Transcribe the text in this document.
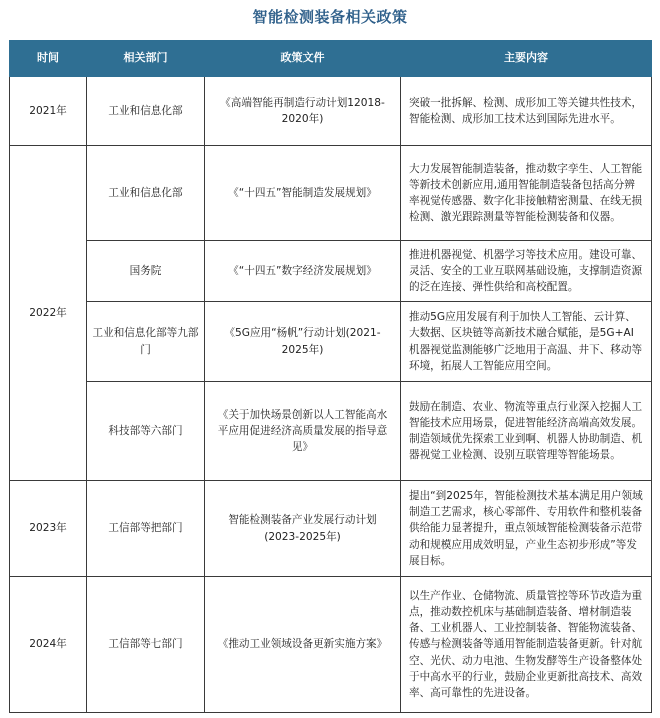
智能检测装备相关政策
时间	相关部门	政策文件	主要内容
2021年	工业和信息化部	《高端智能再制造行动计划12018-2020年)	突破一批拆解、检测、成形加工等关键共性技术，智能检测、成形加工技术达到国际先进水平。
2022年	工业和信息化部	《“十四五”智能制造发展规划》	大力发展智能制造装备，推动数字孪生、人工智能等新技术创新应用,通用智能制造装备包括高分辨率视觉传感器、数字化非接触精密测量、在线无损检测、激光跟踪测量等智能检测装备和仪器。
	国务院	《“十四五”数字经济发展规划》	推进机器视觉、机器学习等技术应用。建设可靠、灵活、安全的工业互联网基础设施，支撑制造资源的泛在连接、弹性供给和高校配置。
	工业和信息化部等九部门	《5G应用“杨帆”行动计划(2021-2025年)	推动5G应用发展有利于加快人工智能、云计算、大数据、区块链等高新技术融合赋能，是5G+AI机器视觉监测能够广泛地用于高温、井下、移动等环境，拓展人工智能应用空间。
	科技部等六部门	《关于加快场景创新以人工智能高水平应用促进经济高质量发展的指导意见》	鼓励在制造、农业、物流等重点行业深入挖掘人工智能技术应用场景，促进智能经济高端高效发展。制造领域优先探索工业到啊、机器人协助制造、机器视觉工业检测、设别互联管理等智能场景。
2023年	工信部等把部门	智能检测装备产业发展行动计划(2023-2025年)	提出“到2025年，智能检测技术基本满足用户领域制造工艺需求，核心零部件、专用软件和整机装备供给能力显著提升，重点领域智能检测装备示范带动和规模应用成效明显，产业生态初步形成”等发展目标。
2024年	工信部等七部门	《推动工业领域设备更新实施方案》	以生产作业、仓储物流、质量管控等环节改造为重点，推动数控机床与基础制造装备、增材制造装备、工业机器人、工业控制装备、智能物流装备、传感与检测装备等通用智能制造装备更新。针对航空、光伏、动力电池、生物发酵等生产设备整体处于中高水平的行业，鼓励企业更新批高技术、高效率、高可靠性的先进设备。
